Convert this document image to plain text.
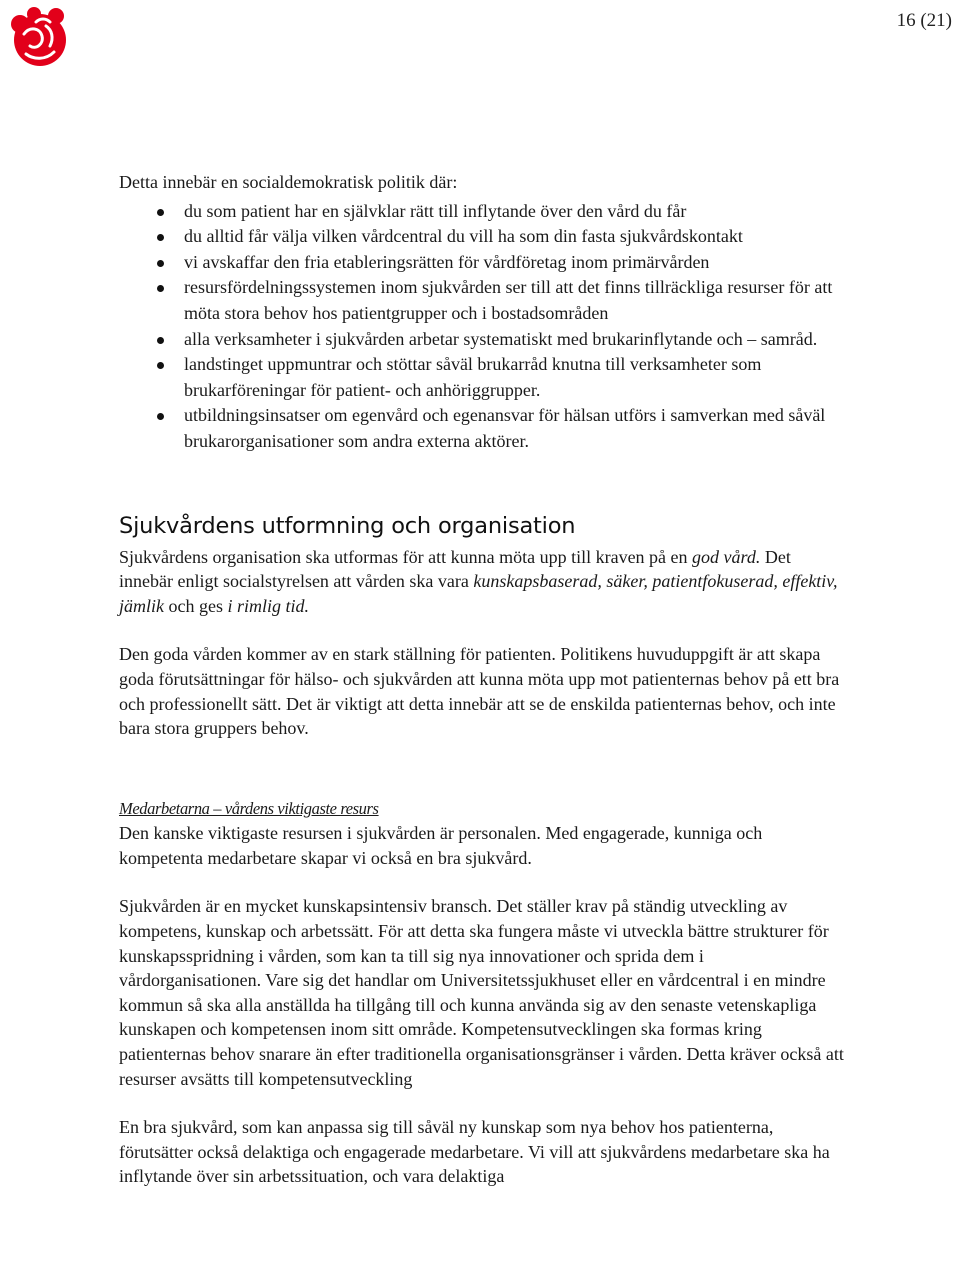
16 (21)

Detta innebär en socialdemokratisk politik där:

du som patient har en självklar rätt till inflytande över den vård du får
du alltid får välja vilken vårdcentral du vill ha som din fasta sjukvårdskontakt
vi avskaffar den fria etableringsrätten för vårdföretag inom primärvården
resursfördelningssystemen inom sjukvården ser till att det finns tillräckliga resurser för att möta stora behov hos patientgrupper och i bostadsområden
alla verksamheter i sjukvården arbetar systematiskt med brukarinflytande och – samråd.
landstinget uppmuntrar och stöttar såväl brukarråd knutna till verksamheter som brukarföreningar för patient- och anhöriggrupper.
utbildningsinsatser om egenvård och egenansvar för hälsan utförs i samverkan med såväl brukarorganisationer som andra externa aktörer.
Sjukvårdens utformning och organisation

Sjukvårdens organisation ska utformas för att kunna möta upp till kraven på en god vård. Det innebär enligt socialstyrelsen att vården ska vara kunskapsbaserad, säker, patientfokuserad, effektiv, jämlik och ges i rimlig tid.

Den goda vården kommer av en stark ställning för patienten. Politikens huvuduppgift är att skapa goda förutsättningar för hälso- och sjukvården att kunna möta upp mot patienternas behov på ett bra och professionellt sätt. Det är viktigt att detta innebär att se de enskilda patienternas behov, och inte bara stora gruppers behov.

Medarbetarna – vårdens viktigaste resurs

Den kanske viktigaste resursen i sjukvården är personalen. Med engagerade, kunniga och kompetenta medarbetare skapar vi också en bra sjukvård.

Sjukvården är en mycket kunskapsintensiv bransch. Det ställer krav på ständig utveckling av kompetens, kunskap och arbetssätt. För att detta ska fungera måste vi utveckla bättre strukturer för kunskapsspridning i vården, som kan ta till sig nya innovationer och sprida dem i vårdorganisationen. Vare sig det handlar om Universitetssjukhuset eller en vårdcentral i en mindre kommun så ska alla anställda ha tillgång till och kunna använda sig av den senaste vetenskapliga kunskapen och kompetensen inom sitt område. Kompetensutvecklingen ska formas kring patienternas behov snarare än efter traditionella organisationsgränser i vården. Detta kräver också att resurser avsätts till kompetensutveckling

En bra sjukvård, som kan anpassa sig till såväl ny kunskap som nya behov hos patienterna, förutsätter också delaktiga och engagerade medarbetare. Vi vill att sjukvårdens medarbetare ska ha inflytande över sin arbetssituation, och vara delaktiga
